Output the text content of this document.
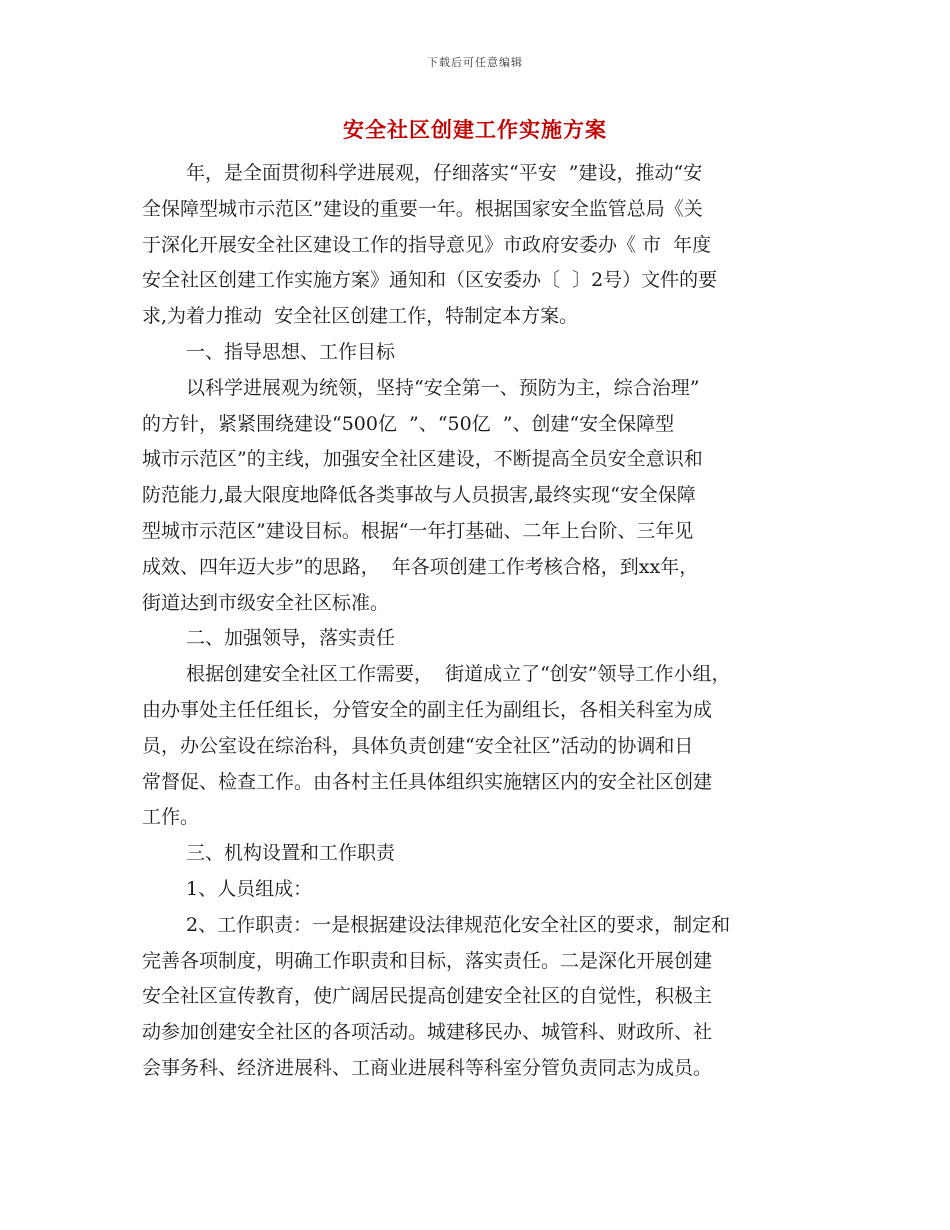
下载后可任意编辑
安全社区创建工作实施方案
年，是全面贯彻科学进展观，仔细落实“平安  ”建设，推动“安
全保障型城市示范区”建设的重要一年。根据国家安全监管总局《关
于深化开展安全社区建设工作的指导意见》市政府安委办《 市  年度
安全社区创建工作实施方案》通知和（区安委办〔  〕2号）文件的要
求,为着力推动  安全社区创建工作，特制定本方案。
一、指导思想、工作目标
以科学进展观为统领，坚持“安全第一、预防为主，综合治理”
的方针，紧紧围绕建设“500亿  ”、“50亿  ”、创建“安全保障型
城市示范区”的主线，加强安全社区建设，不断提高全员安全意识和
防范能力,最大限度地降低各类事故与人员损害,最终实现“安全保障
型城市示范区”建设目标。根据“一年打基础、二年上台阶、三年见
成效、四年迈大步”的思路，  年各项创建工作考核合格，到xx年，
街道达到市级安全社区标准。
二、加强领导，落实责任
根据创建安全社区工作需要，  街道成立了“创安”领导工作小组，
由办事处主任任组长，分管安全的副主任为副组长，各相关科室为成
员，办公室设在综治科，具体负责创建“安全社区”活动的协调和日
常督促、检查工作。由各村主任具体组织实施辖区内的安全社区创建
工作。
三、机构设置和工作职责
1、人员组成：
2、工作职责：一是根据建设法律规范化安全社区的要求，制定和
完善各项制度，明确工作职责和目标，落实责任。二是深化开展创建
安全社区宣传教育，使广阔居民提高创建安全社区的自觉性，积极主
动参加创建安全社区的各项活动。城建移民办、城管科、财政所、社
会事务科、经济进展科、工商业进展科等科室分管负责同志为成员。
